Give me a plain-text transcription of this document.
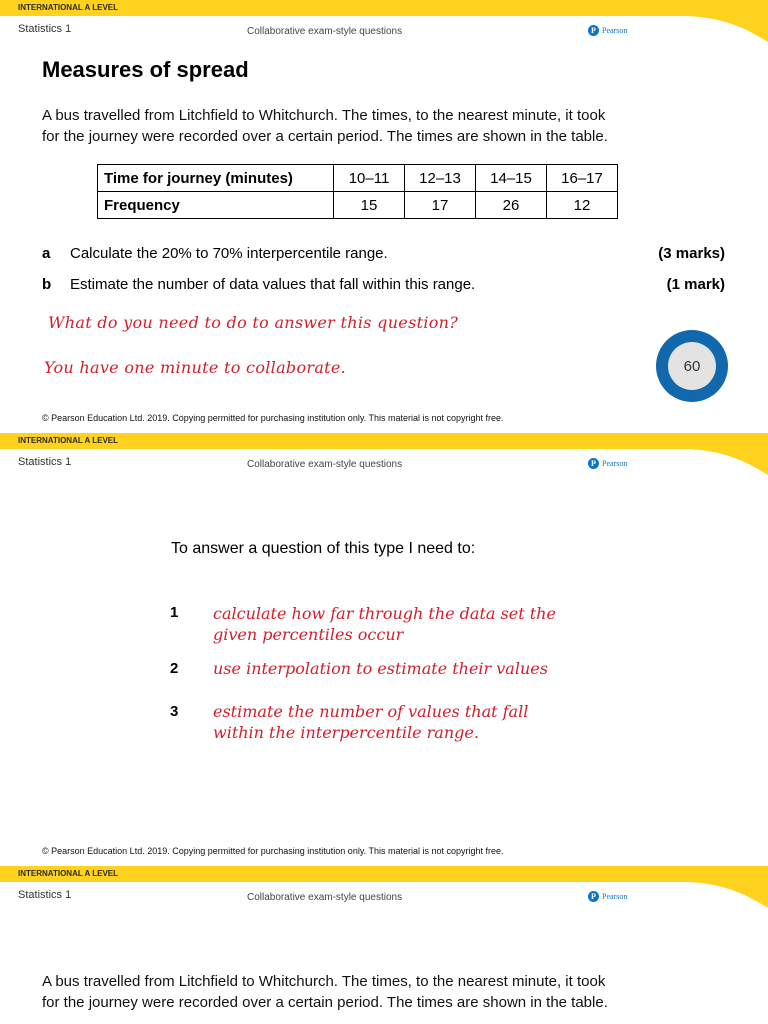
INTERNATIONAL A LEVEL
Statistics 1	Collaborative exam-style questions	P Pearson
Measures of spread
A bus travelled from Litchfield to Whitchurch. The times, to the nearest minute, it took
for the journey were recorded over a certain period. The times are shown in the table.
Time for journey (minutes)	10–11	12–13	14–15	16–17
Frequency	15	17	26	12
a Calculate the 20% to 70% interpercentile range.	(3 marks)
b Estimate the number of data values that fall within this range.	(1 mark)
What do you need to do to answer this question?
You have one minute to collaborate.	60
© Pearson Education Ltd. 2019. Copying permitted for purchasing institution only. This material is not copyright free.
INTERNATIONAL A LEVEL
Statistics 1	Collaborative exam-style questions	P Pearson
To answer a question of this type I need to:
1 calculate how far through the data set the
given percentiles occur
2 use interpolation to estimate their values
3 estimate the number of values that fall
within the interpercentile range.
© Pearson Education Ltd. 2019. Copying permitted for purchasing institution only. This material is not copyright free.
INTERNATIONAL A LEVEL
Statistics 1	Collaborative exam-style questions	P Pearson
A bus travelled from Litchfield to Whitchurch. The times, to the nearest minute, it took
for the journey were recorded over a certain period. The times are shown in the table.
